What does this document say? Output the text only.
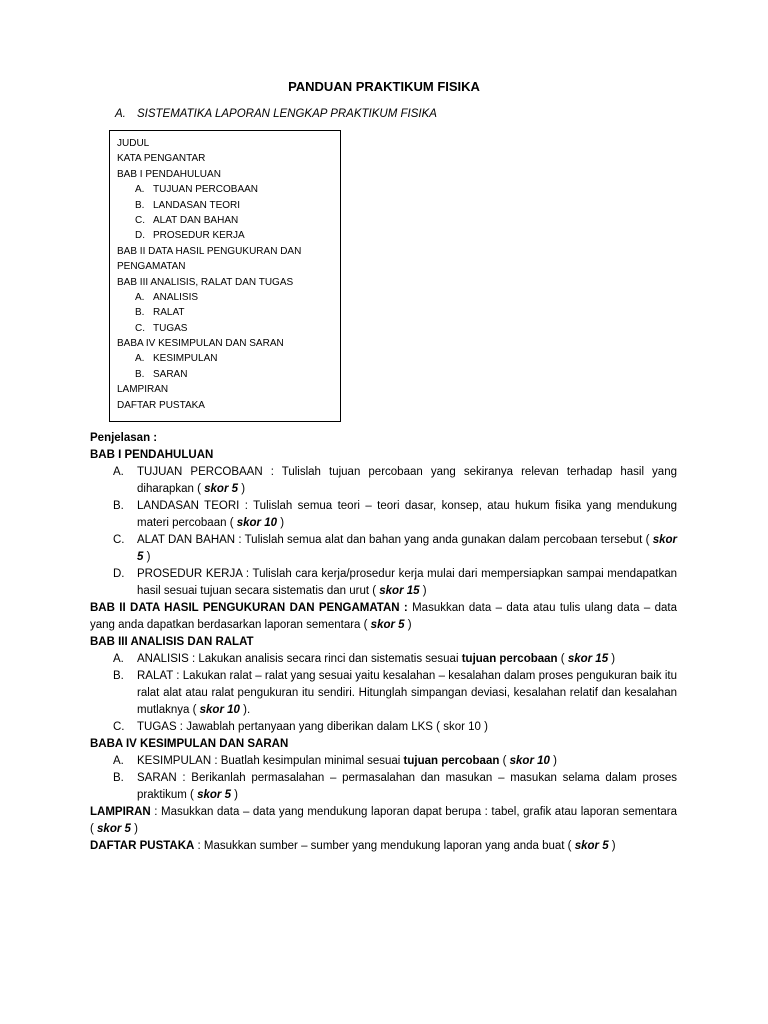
PANDUAN PRAKTIKUM FISIKA
A. SISTEMATIKA LAPORAN LENGKAP PRAKTIKUM FISIKA
JUDUL
KATA PENGANTAR
BAB I PENDAHULUAN
A. TUJUAN PERCOBAAN
B. LANDASAN TEORI
C. ALAT DAN BAHAN
D. PROSEDUR KERJA
BAB II DATA HASIL PENGUKURAN DAN
PENGAMATAN
BAB III ANALISIS, RALAT DAN TUGAS
A. ANALISIS
B. RALAT
C. TUGAS
BABA IV KESIMPULAN DAN SARAN
A. KESIMPULAN
B. SARAN
LAMPIRAN
DAFTAR PUSTAKA

Penjelasan :

BAB I PENDAHULUAN

A. TUJUAN PERCOBAAN : Tulislah tujuan percobaan yang sekiranya relevan terhadap hasil yang diharapkan ( skor 5 )

B. LANDASAN TEORI : Tulislah semua teori – teori dasar, konsep, atau hukum fisika yang mendukung materi percobaan ( skor 10 )

C. ALAT DAN BAHAN : Tulislah semua alat dan bahan yang anda gunakan dalam percobaan tersebut ( skor 5 )

D. PROSEDUR KERJA : Tulislah cara kerja/prosedur kerja mulai dari mempersiapkan sampai mendapatkan hasil sesuai tujuan secara sistematis dan urut ( skor 15 )

BAB II DATA HASIL PENGUKURAN DAN PENGAMATAN : Masukkan data – data atau tulis ulang data – data yang anda dapatkan berdasarkan laporan sementara ( skor 5 )

BAB III ANALISIS DAN RALAT

A. ANALISIS : Lakukan analisis secara rinci dan sistematis sesuai tujuan percobaan ( skor 15 )

B. RALAT : Lakukan ralat – ralat yang sesuai yaitu kesalahan – kesalahan dalam proses pengukuran baik itu ralat alat atau ralat pengukuran itu sendiri. Hitunglah simpangan deviasi, kesalahan relatif dan kesalahan mutlaknya ( skor 10 ).

C. TUGAS : Jawablah pertanyaan yang diberikan dalam LKS ( skor 10 )

BABA IV KESIMPULAN DAN SARAN

A. KESIMPULAN : Buatlah kesimpulan minimal sesuai tujuan percobaan ( skor 10 )

B. SARAN : Berikanlah permasalahan – permasalahan dan masukan – masukan selama dalam proses praktikum ( skor 5 )

LAMPIRAN : Masukkan data – data yang mendukung laporan dapat berupa : tabel, grafik atau laporan sementara ( skor 5 )

DAFTAR PUSTAKA : Masukkan sumber – sumber yang mendukung laporan yang anda buat ( skor 5 )
